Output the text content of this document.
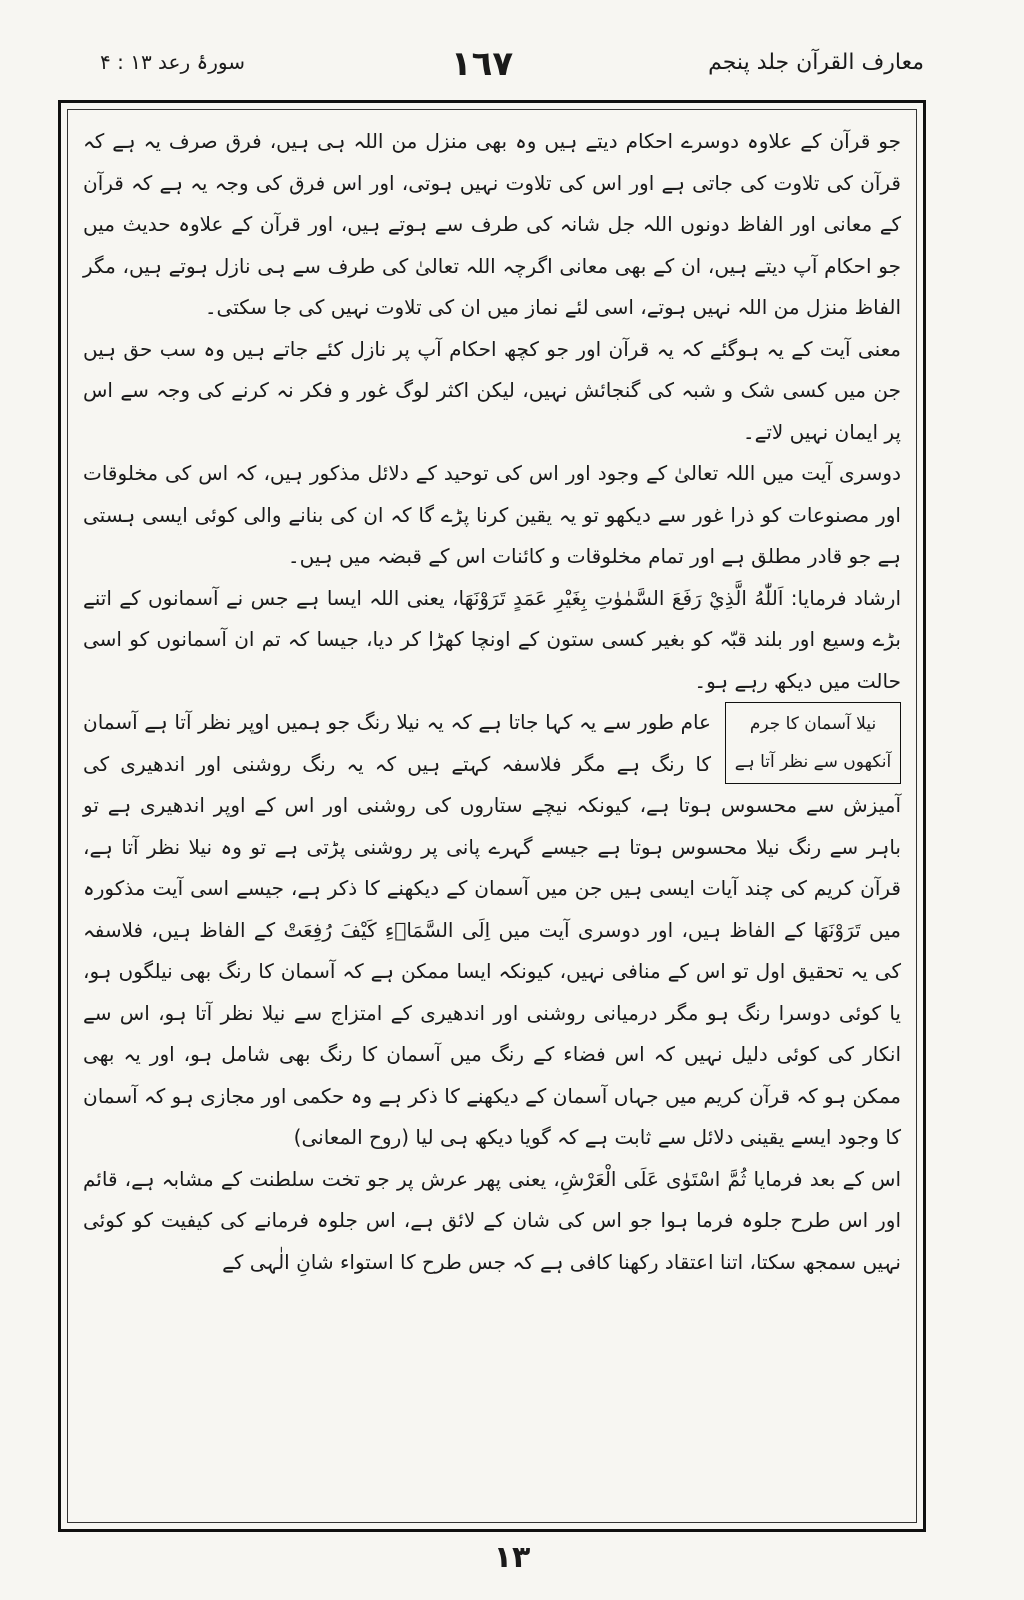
سورۂ رعد ۱۳ : ۴	١٦٧	معارف القرآن جلد پنجم

جو قرآن کے علاوہ دوسرے احکام دیتے ہیں وہ بھی منزل من اللہ ہی ہیں، فرق صرف یہ ہے کہ قرآن کی تلاوت کی جاتی ہے اور اس کی تلاوت نہیں ہوتی، اور اس فرق کی وجہ یہ ہے کہ قرآن کے معانی اور الفاظ دونوں اللہ جل شانہ کی طرف سے ہوتے ہیں، اور قرآن کے علاوہ حدیث میں جو احکام آپ دیتے ہیں، ان کے بھی معانی اگرچہ اللہ تعالیٰ کی طرف سے ہی نازل ہوتے ہیں، مگر الفاظ منزل من اللہ نہیں ہوتے، اسی لئے نماز میں ان کی تلاوت نہیں کی جا سکتی۔

معنی آیت کے یہ ہوگئے کہ یہ قرآن اور جو کچھ احکام آپ پر نازل کئے جاتے ہیں وہ سب حق ہیں جن میں کسی شک و شبہ کی گنجائش نہیں، لیکن اکثر لوگ غور و فکر نہ کرنے کی وجہ سے اس پر ایمان نہیں لاتے۔

دوسری آیت میں اللہ تعالیٰ کے وجود اور اس کی توحید کے دلائل مذکور ہیں، کہ اس کی مخلوقات اور مصنوعات کو ذرا غور سے دیکھو تو یہ یقین کرنا پڑے گا کہ ان کی بنانے والی کوئی ایسی ہستی ہے جو قادر مطلق ہے اور تمام مخلوقات و کائنات اس کے قبضہ میں ہیں۔

ارشاد فرمایا: اَللّٰهُ الَّذِيْ رَفَعَ السَّمٰوٰتِ بِغَيْرِ عَمَدٍ تَرَوْنَهَا، یعنی اللہ ایسا ہے جس نے آسمانوں کے اتنے بڑے وسیع اور بلند قبّہ کو بغیر کسی ستون کے اونچا کھڑا کر دیا، جیسا کہ تم ان آسمانوں کو اسی حالت میں دیکھ رہے ہو۔

نیلا آسمان کا جرم
آنکھوں سے نظر آتا ہے

عام طور سے یہ کہا جاتا ہے کہ یہ نیلا رنگ جو ہمیں اوپر نظر آتا ہے آسمان کا رنگ ہے مگر فلاسفہ کہتے ہیں کہ یہ رنگ روشنی اور اندھیری کی آمیزش سے محسوس ہوتا ہے، کیونکہ نیچے ستاروں کی روشنی اور اس کے اوپر اندھیری ہے تو باہر سے رنگ نیلا محسوس ہوتا ہے جیسے گہرے پانی پر روشنی پڑتی ہے تو وہ نیلا نظر آتا ہے، قرآن کریم کی چند آیات ایسی ہیں جن میں آسمان کے دیکھنے کا ذکر ہے، جیسے اسی آیت مذکورہ میں تَرَوْنَهَا کے الفاظ ہیں، اور دوسری آیت میں اِلَى السَّمَاۤءِ كَيْفَ رُفِعَتْ کے الفاظ ہیں، فلاسفہ کی یہ تحقیق اول تو اس کے منافی نہیں، کیونکہ ایسا ممکن ہے کہ آسمان کا رنگ بھی نیلگوں ہو، یا کوئی دوسرا رنگ ہو مگر درمیانی روشنی اور اندھیری کے امتزاج سے نیلا نظر آتا ہو، اس سے انکار کی کوئی دلیل نہیں کہ اس فضاء کے رنگ میں آسمان کا رنگ بھی شامل ہو، اور یہ بھی ممکن ہو کہ قرآن کریم میں جہاں آسمان کے دیکھنے کا ذکر ہے وہ حکمی اور مجازی ہو کہ آسمان کا وجود ایسے یقینی دلائل سے ثابت ہے کہ گویا دیکھ ہی لیا (روح المعانی)

اس کے بعد فرمایا ثُمَّ اسْتَوٰى عَلَى الْعَرْشِ، یعنی پھر عرش پر جو تخت سلطنت کے مشابہ ہے، قائم اور اس طرح جلوہ فرما ہوا جو اس کی شان کے لائق ہے، اس جلوہ فرمانے کی کیفیت کو کوئی نہیں سمجھ سکتا، اتنا اعتقاد رکھنا کافی ہے کہ جس طرح کا استواء شانِ الٰہی کے

١٣
